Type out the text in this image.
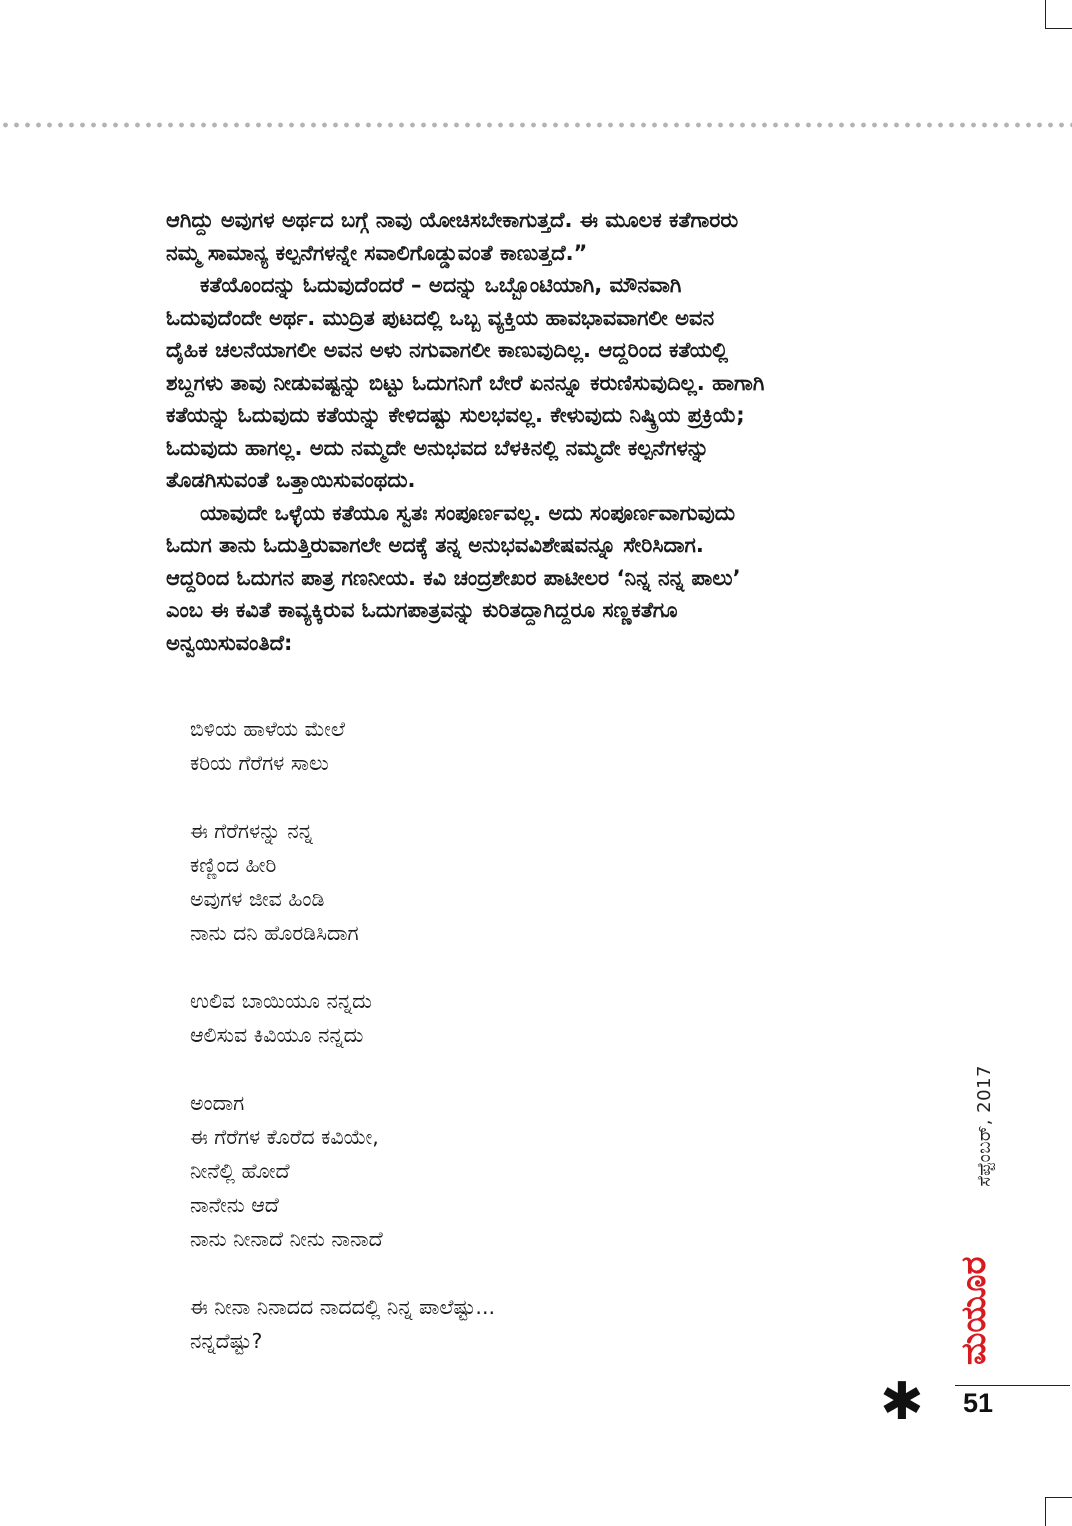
ಆಗಿದ್ದು ಅವುಗಳ ಅರ್ಥದ ಬಗ್ಗೆ ನಾವು ಯೋಚಿಸಬೇಕಾಗುತ್ತದೆ. ಈ ಮೂಲಕ ಕತೆಗಾರರು

ನಮ್ಮ ಸಾಮಾನ್ಯ ಕಲ್ಪನೆಗಳನ್ನೇ ಸವಾಲಿಗೊಡ್ಡುವಂತೆ ಕಾಣುತ್ತದೆ.”

ಕತೆಯೊಂದನ್ನು ಓದುವುದೆಂದರೆ – ಅದನ್ನು ಒಬ್ಬೊಂಟಿಯಾಗಿ, ಮೌನವಾಗಿ

ಓದುವುದೆಂದೇ ಅರ್ಥ. ಮುದ್ರಿತ ಪುಟದಲ್ಲಿ ಒಬ್ಬ ವ್ಯಕ್ತಿಯ ಹಾವಭಾವವಾಗಲೀ ಅವನ

ದೈಹಿಕ ಚಲನೆಯಾಗಲೀ ಅವನ ಅಳು ನಗುವಾಗಲೀ ಕಾಣುವುದಿಲ್ಲ. ಆದ್ದರಿಂದ ಕತೆಯಲ್ಲಿ

ಶಬ್ದಗಳು ತಾವು ನೀಡುವಷ್ಟನ್ನು ಬಿಟ್ಟು ಓದುಗನಿಗೆ ಬೇರೆ ಏನನ್ನೂ ಕರುಣಿಸುವುದಿಲ್ಲ. ಹಾಗಾಗಿ

ಕತೆಯನ್ನು ಓದುವುದು ಕತೆಯನ್ನು ಕೇಳಿದಷ್ಟು ಸುಲಭವಲ್ಲ. ಕೇಳುವುದು ನಿಷ್ಕ್ರಿಯ ಪ್ರಕ್ರಿಯೆ;

ಓದುವುದು ಹಾಗಲ್ಲ. ಅದು ನಮ್ಮದೇ ಅನುಭವದ ಬೆಳಕಿನಲ್ಲಿ ನಮ್ಮದೇ ಕಲ್ಪನೆಗಳನ್ನು

ತೊಡಗಿಸುವಂತೆ ಒತ್ತಾಯಿಸುವಂಥದು.

ಯಾವುದೇ ಒಳ್ಳೆಯ ಕತೆಯೂ ಸ್ವತಃ ಸಂಪೂರ್ಣವಲ್ಲ. ಅದು ಸಂಪೂರ್ಣವಾಗುವುದು

ಓದುಗ ತಾನು ಓದುತ್ತಿರುವಾಗಲೇ ಅದಕ್ಕೆ ತನ್ನ ಅನುಭವವಿಶೇಷವನ್ನೂ ಸೇರಿಸಿದಾಗ.

ಆದ್ದರಿಂದ ಓದುಗನ ಪಾತ್ರ ಗಣನೀಯ. ಕವಿ ಚಂದ್ರಶೇಖರ ಪಾಟೀಲರ ‘ನಿನ್ನ ನನ್ನ ಪಾಲು’

ಎಂಬ ಈ ಕವಿತೆ ಕಾವ್ಯಕ್ಕಿರುವ ಓದುಗಪಾತ್ರವನ್ನು ಕುರಿತದ್ದಾಗಿದ್ದರೂ ಸಣ್ಣಕತೆಗೂ

ಅನ್ವಯಿಸುವಂತಿದೆ:

ಬಿಳಿಯ ಹಾಳೆಯ ಮೇಲೆ
ಕರಿಯ ಗೆರೆಗಳ ಸಾಲು
ಈ ಗೆರೆಗಳನ್ನು ನನ್ನ
ಕಣ್ಣಿಂದ ಹೀರಿ
ಅವುಗಳ ಜೀವ ಹಿಂಡಿ
ನಾನು ದನಿ ಹೊರಡಿಸಿದಾಗ
ಉಲಿವ ಬಾಯಿಯೂ ನನ್ನದು
ಆಲಿಸುವ ಕಿವಿಯೂ ನನ್ನದು
ಅಂದಾಗ
ಈ ಗೆರೆಗಳ ಕೊರೆದ ಕವಿಯೇ,
ನೀನೆಲ್ಲಿ ಹೋದೆ
ನಾನೇನು ಆದೆ
ನಾನು ನೀನಾದೆ ನೀನು ನಾನಾದೆ
ಈ ನೀನಾ ನಿನಾದದ ನಾದದಲ್ಲಿ ನಿನ್ನ ಪಾಲೆಷ್ಟು...
ನನ್ನದೆಷ್ಟು?
ಸೆಪ್ಟೆಂಬರ್, 2017
ಮಯೂರ
✱ 51
